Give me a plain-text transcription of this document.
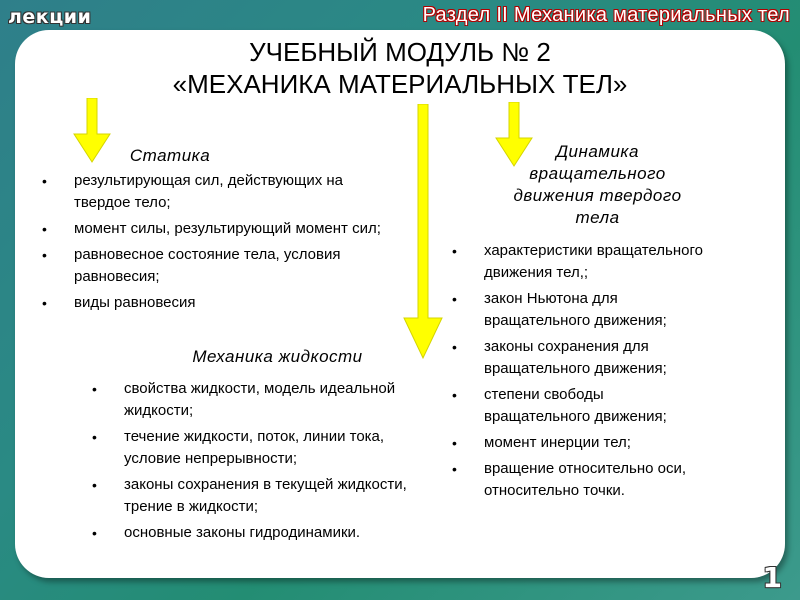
лекции	Раздел II Механика материальных тел
УЧЕБНЫЙ МОДУЛЬ № 2
«МЕХАНИКА МАТЕРИАЛЬНЫХ ТЕЛ»
Статика
• результирующая сил, действующих на твердое тело;
• момент силы, результирующий момент сил;
• равновесное состояние тела, условия равновесия;
• виды равновесия
Механика жидкости
• свойства жидкости, модель идеальной жидкости;
• течение жидкости, поток, линии тока, условие непрерывности;
• законы сохранения в текущей жидкости, трение в жидкости;
• основные законы гидродинамики.
Динамика вращательного движения твердого тела
• характеристики вращательного движения тел,;
• закон Ньютона для вращательного движения;
• законы сохранения для вращательного движения;
• степени свободы вращательного движения;
• момент инерции тел;
• вращение относительно оси, относительно точки.
1
